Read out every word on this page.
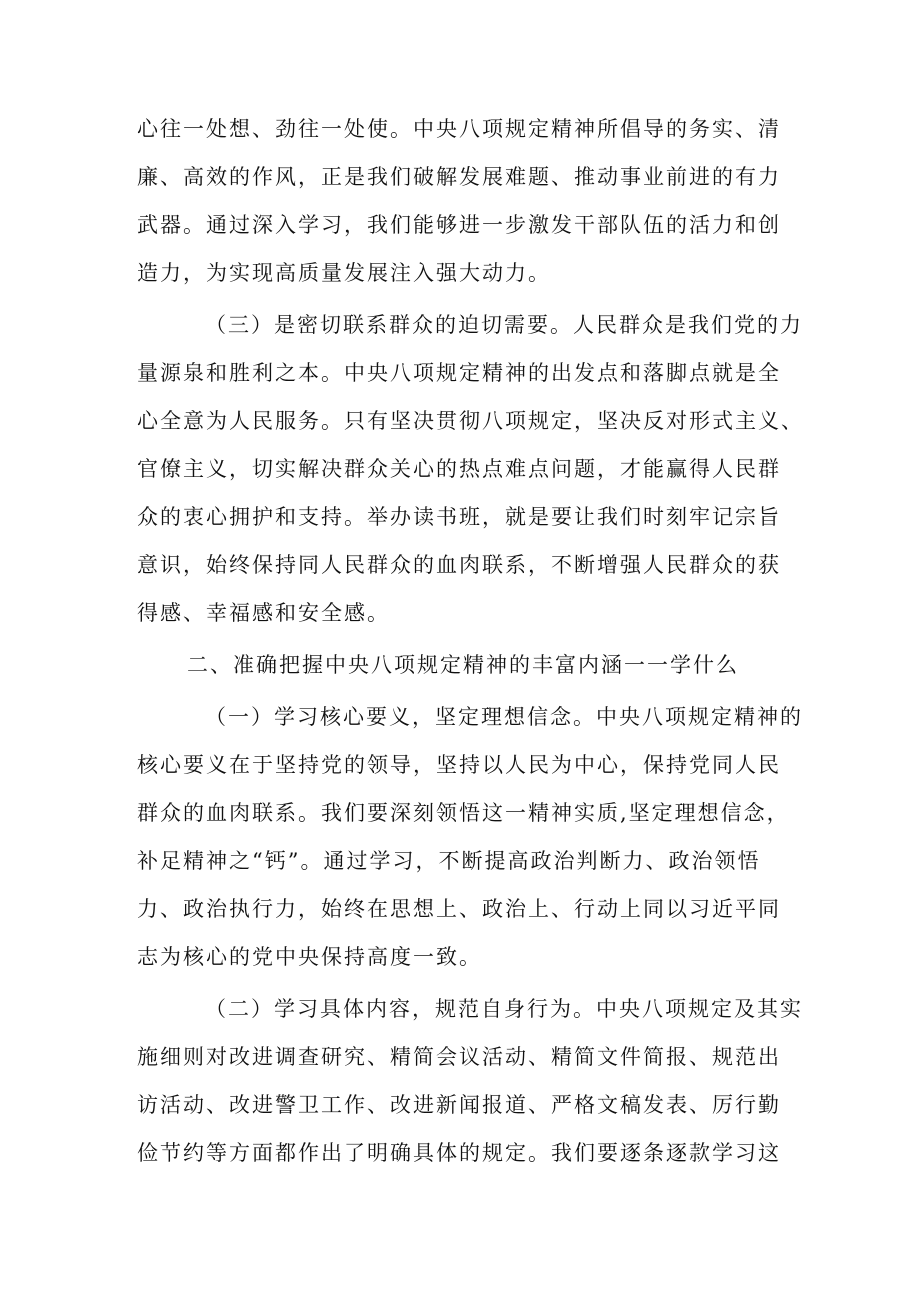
心往一处想、劲往一处使。中央八项规定精神所倡导的务实、清
廉、高效的作风，正是我们破解发展难题、推动事业前进的有力
武器。通过深入学习，我们能够进一步激发干部队伍的活力和创
造力，为实现高质量发展注入强大动力。
（三）是密切联系群众的迫切需要。人民群众是我们党的力
量源泉和胜利之本。中央八项规定精神的出发点和落脚点就是全
心全意为人民服务。只有坚决贯彻八项规定，坚决反对形式主义、
官僚主义，切实解决群众关心的热点难点问题，才能赢得人民群
众的衷心拥护和支持。举办读书班，就是要让我们时刻牢记宗旨
意识，始终保持同人民群众的血肉联系，不断增强人民群众的获
得感、幸福感和安全感。
二、准确把握中央八项规定精神的丰富内涵一一学什么
（一）学习核心要义，坚定理想信念。中央八项规定精神的
核心要义在于坚持党的领导，坚持以人民为中心，保持党同人民
群众的血肉联系。我们要深刻领悟这一精神实质,坚定理想信念，
补足精神之“钙”。通过学习，不断提高政治判断力、政治领悟
力、政治执行力，始终在思想上、政治上、行动上同以习近平同
志为核心的党中央保持高度一致。
（二）学习具体内容，规范自身行为。中央八项规定及其实
施细则对改进调查研究、精简会议活动、精简文件简报、规范出
访活动、改进警卫工作、改进新闻报道、严格文稿发表、厉行勤
俭节约等方面都作出了明确具体的规定。我们要逐条逐款学习这
